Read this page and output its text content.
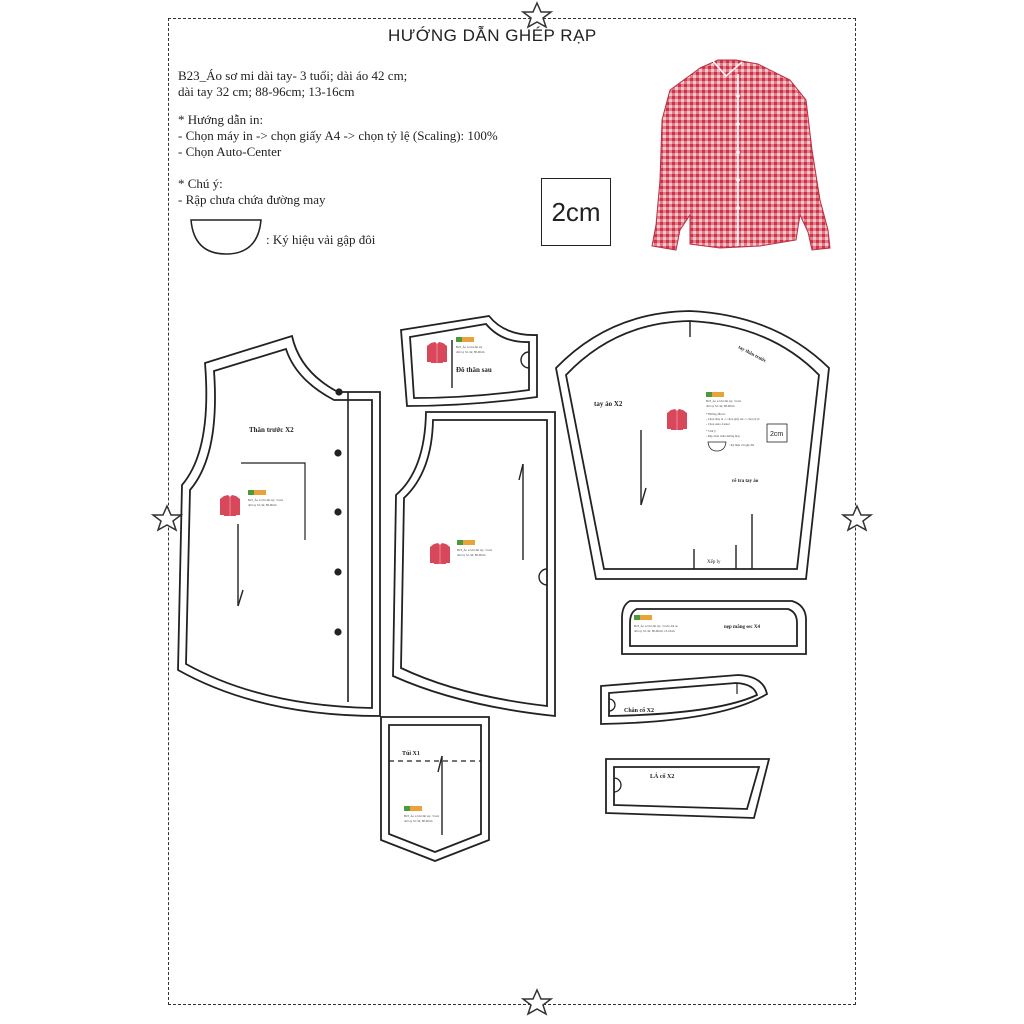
HƯỚNG DẪN GHÉP RẠP
B23_Áo sơ mi dài tay- 3 tuổi; dài áo 42 cm;
dài tay 32 cm; 88-96cm; 13-16cm
* Hướng dẫn in:
- Chọn máy in -> chọn giấy A4 -> chọn tỷ lệ (Scaling): 100%
- Chọn Auto-Center
* Chú ý:
- Rập chưa chứa đường may
: Ký hiệu vải gập đôi
2cm
B23_Áo sơ mi dài tay- 3 tuổi
dài tay 32 cm; 88-96cm
Thân trước X2
B23_Áo sơ mi dài tay
dài tay 32 cm; 88-96cm
Đô thân sau
B23_Áo sơ mi dài tay- 3 tuổi
dài tay 32 cm; 88-96cm
B23_Áo sơ mi dài tay- 3 tuổi
dài tay 32 cm; 88-96cm
* Hướng dẫn in:
- Chọn máy in -> chọn giấy A4 -> chọn tỷ lệ
- Chọn Auto-Center
* Chú ý:
- Rập chưa chứa đường may	2cm
: Ký hiệu vải gập đôi
tay áo X2
tay thân trước
rẽ tra tay áo
Xếp ly
B23_Áo sơ mi dài tay- 3 tuổi; dài áo
dài tay 32 cm; 88-96cm; 13-16cm
nẹp măng sec X4
Chân cổ X2
LÁ cổ X2
B23_Áo sơ mi dài tay- 3 tuổi
dài tay 32 cm; 88-96cm
Túi X1
